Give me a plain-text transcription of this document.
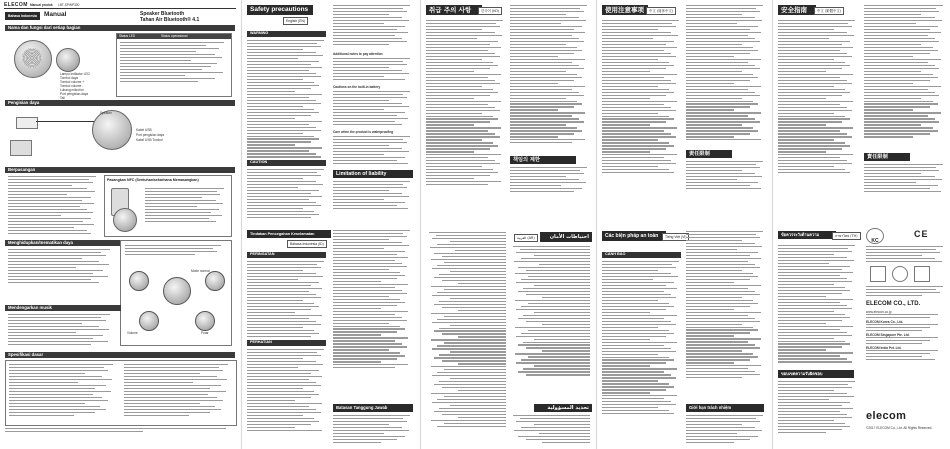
ELECOM Manual produk LBT-SPWP300
Bahasa Indonesia	Manual	Speaker Bluetooth
Tahan Air Bluetooth® 4.1
Nama dan fungsi dari setiap bagian
Lampu indikator LED
Tombol daya
Tombol volume +
Tombol volume -
Lubang mikrofon
Port pengisian daya
Tali
Status LED	Status operasional
Pengisian daya
Speaker
Kabel USB
Port pengisian daya
Kabel USB Tombol
Berpasangan
Pasangkan NFC (Sentuhan/sekarhana Memasangkan)
Menghidupkan/mematikan daya
Mode normal
Volume	Putar
Mendengarkan musik
Spesifikasi dasar
Safety precautions
English (EN)
WARNING
CAUTION
Additional notes to pay attention
Cautions on the built-in battery
Care when the product is waterproofing
Limitation of liability
Tindakan Pencegahan Keselamatan
Bahasa Indonesia (ID)
PERINGATAN
PERHATIAN
Batasan Tanggung Jawab
취급 주의 사항	한국어 (KO)
책임의 제한
احتياطات الأمان
العربية (AR)
تحديد المسؤولية
使用注意事项	中文 (简体中文)
责任限制
Các biện pháp an toàn	Tiếng Việt (VI)
CẢNH BÁO
Giới hạn trách nhiệm
安全指南	中文 (繁體中文)
責任限制
ข้อควรระวังด้านความปลอดภัย
ภาษาไทย (TH)
ขอบเขตความรับผิดชอบ
KC
CE
ELECOM CO., LTD.
www.elecom.co.jp
ELECOM Korea Co., Ltd.
ELECOM Singapore Pte. Ltd.
ELECOM India Pvt. Ltd.
elecom
©2017 ELECOM Co., Ltd. All Rights Reserved.
